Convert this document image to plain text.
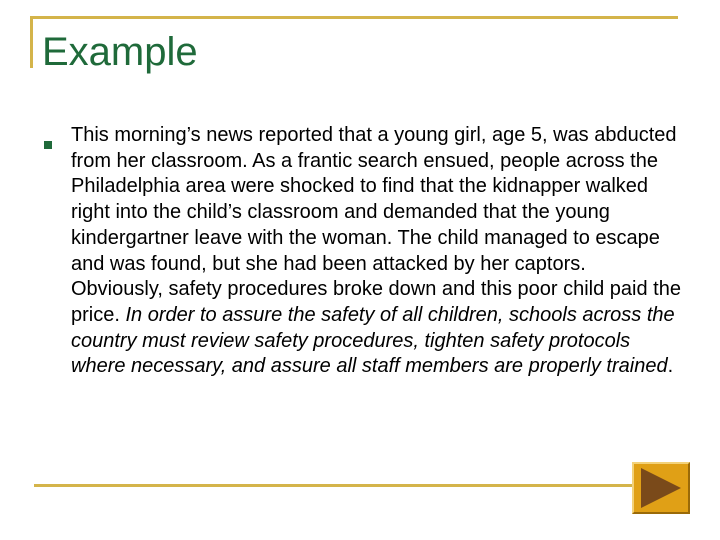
Example

This morning’s news reported that a young girl, age 5, was abducted from her classroom. As a frantic search ensued, people across the Philadelphia area were shocked to find that the kidnapper walked right into the child’s classroom and demanded that the young kindergartner leave with the woman. The child managed to escape and was found, but she had been attacked by her captors. Obviously, safety procedures broke down and this poor child paid the price. In order to assure the safety of all children, schools across the country must review safety procedures, tighten safety protocols where necessary, and assure all staff members are properly trained.
